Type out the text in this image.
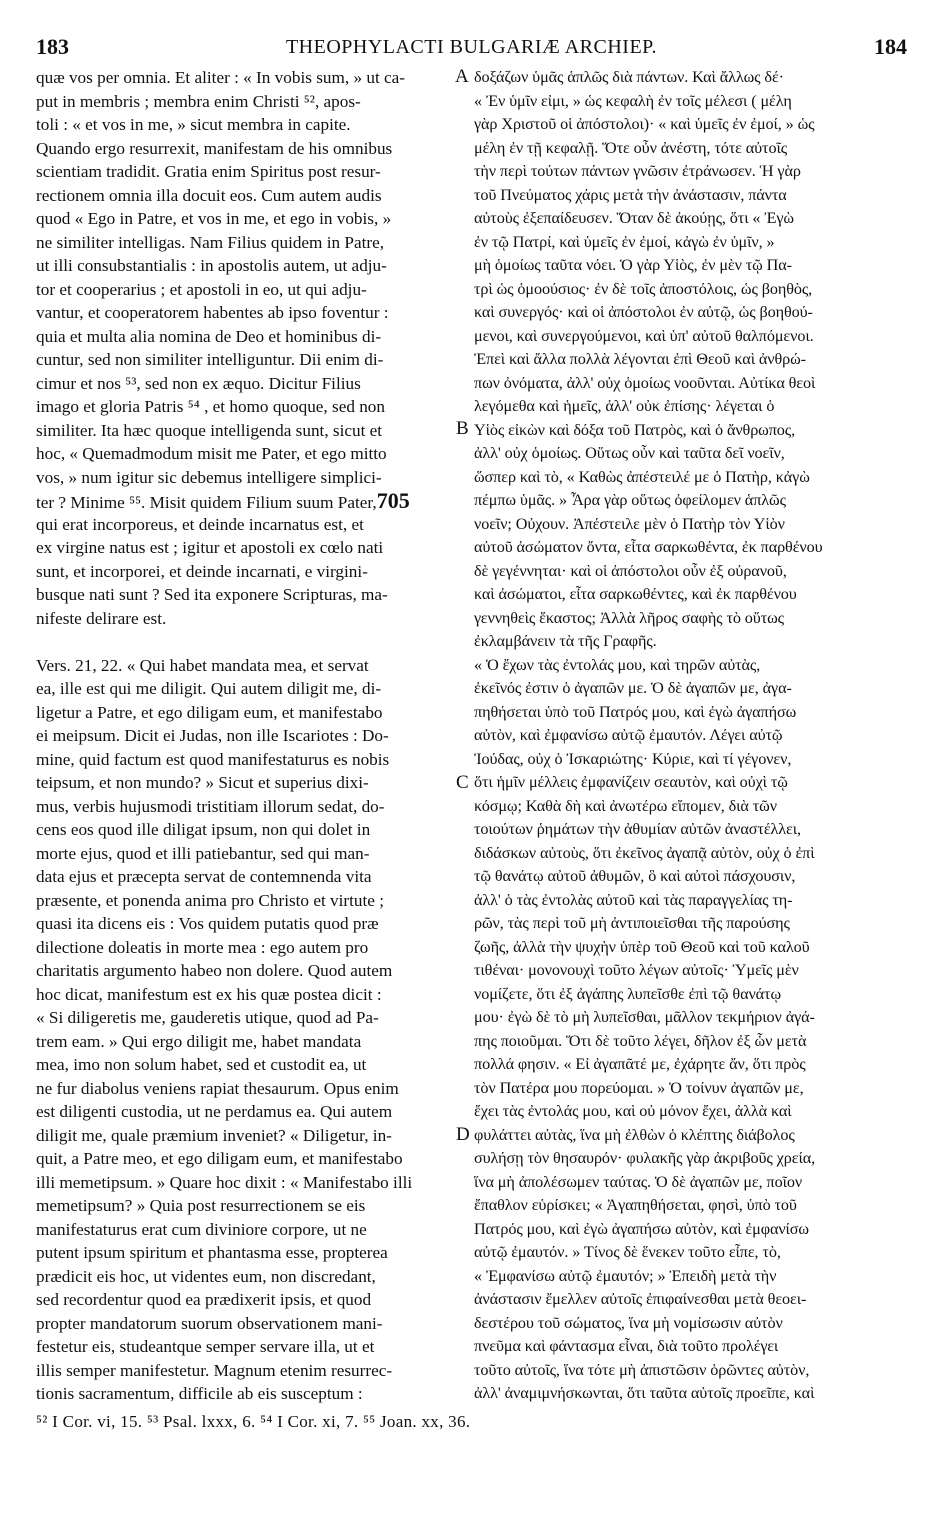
183	THEOPHYLACTI BULGARIÆ ARCHIEP.	184
A
B
C
D
quæ vos per omnia. Et aliter : « In vobis sum, » ut ca-
put in membris ; membra enim Christi ⁵², apos-
toli : « et vos in me, » sicut membra in capite.
Quando ergo resurrexit, manifestam de his omnibus
scientiam tradidit. Gratia enim Spiritus post resur-
rectionem omnia illa docuit eos. Cum autem audis
quod « Ego in Patre, et vos in me, et ego in vobis, »
ne similiter intelligas. Nam Filius quidem in Patre,
ut illi consubstantialis : in apostolis autem, ut adju-
tor et cooperarius ; et apostoli in eo, ut qui adju-
vantur, et cooperatorem habentes ab ipso foventur :
quia et multa alia nomina de Deo et hominibus di-
cuntur, sed non similiter intelliguntur. Dii enim di-
cimur et nos ⁵³, sed non ex æquo. Dicitur Filius
imago et gloria Patris ⁵⁴ , et homo quoque, sed non
similiter. Ita hæc quoque intelligenda sunt, sicut et
hoc, « Quemadmodum misit me Pater, et ego mitto
vos, » num igitur sic debemus intelligere simplici-
ter ? Minime ⁵⁵. Misit quidem Filium suum Pater,705
qui erat incorporeus, et deinde incarnatus est, et
ex virgine natus est ; igitur et apostoli ex cœlo nati
sunt, et incorporei, et deinde incarnati, e virgini-
busque nati sunt ? Sed ita exponere Scripturas, ma-
nifeste delirare est.
Vers. 21, 22. « Qui habet mandata mea, et servat
ea, ille est qui me diligit. Qui autem diligit me, di-
ligetur a Patre, et ego diligam eum, et manifestabo
ei meipsum. Dicit ei Judas, non ille Iscariotes : Do-
mine, quid factum est quod manifestaturus es nobis
teipsum, et non mundo? » Sicut et superius dixi-
mus, verbis hujusmodi tristitiam illorum sedat, do-
cens eos quod ille diligat ipsum, non qui dolet in
morte ejus, quod et illi patiebantur, sed qui man-
data ejus et præcepta servat de contemnenda vita
præsente, et ponenda anima pro Christo et virtute ;
quasi ita dicens eis : Vos quidem putatis quod præ
dilectione doleatis in morte mea : ego autem pro
charitatis argumento habeo non dolere. Quod autem
hoc dicat, manifestum est ex his quæ postea dicit :
« Si diligeretis me, gauderetis utique, quod ad Pa-
trem eam. » Qui ergo diligit me, habet mandata
mea, imo non solum habet, sed et custodit ea, ut
ne fur diabolus veniens rapiat thesaurum. Opus enim
est diligenti custodia, ut ne perdamus ea. Qui autem
diligit me, quale præmium inveniet? « Diligetur, in-
quit, a Patre meo, et ego diligam eum, et manifestabo
illi memetipsum. » Quare hoc dixit : « Manifestabo illi
memetipsum? » Quia post resurrectionem se eis
manifestaturus erat cum diviniore corpore, ut ne
putent ipsum spiritum et phantasma esse, propterea
prædicit eis hoc, ut videntes eum, non discredant,
sed recordentur quod ea prædixerit ipsis, et quod
propter mandatorum suorum observationem mani-
festetur eis, studeantque semper servare illa, ut et
illis semper manifestetur. Magnum etenim resurrec-
tionis sacramentum, difficile ab eis susceptum :
δοξάζων ὑμᾶς ἁπλῶς διὰ πάντων. Καὶ ἄλλως δέ·
« Ἐν ὑμῖν εἰμι, » ὡς κεφαλὴ ἐν τοῖς μέλεσι ( μέλη
γὰρ Χριστοῦ οἱ ἀπόστολοι)· « καὶ ὑμεῖς ἐν ἐμοί, » ὡς
μέλη ἐν τῇ κεφαλῇ. Ὅτε οὖν ἀνέστη, τότε αὐτοῖς
τὴν περὶ τούτων πάντων γνῶσιν ἐτράνωσεν. Ἡ γὰρ
τοῦ Πνεύματος χάρις μετὰ τὴν ἀνάστασιν, πάντα
αὐτοὺς ἐξεπαίδευσεν. Ὅταν δὲ ἀκούῃς, ὅτι « Ἐγὼ
ἐν τῷ Πατρί, καὶ ὑμεῖς ἐν ἐμοί, κἀγὼ ἐν ὑμῖν, »
μὴ ὁμοίως ταῦτα νόει. Ὁ γὰρ Υἱὸς, ἐν μὲν τῷ Πα-
τρὶ ὡς ὁμοούσιος· ἐν δὲ τοῖς ἀποστόλοις, ὡς βοηθὸς,
καὶ συνεργός· καὶ οἱ ἀπόστολοι ἐν αὐτῷ, ὡς βοηθού-
μενοι, καὶ συνεργούμενοι, καὶ ὑπ' αὐτοῦ θαλπόμενοι.
Ἐπεὶ καὶ ἄλλα πολλὰ λέγονται ἐπὶ Θεοῦ καὶ ἀνθρώ-
πων ὀνόματα, ἀλλ' οὐχ ὁμοίως νοοῦνται. Αὐτίκα θεοὶ
λεγόμεθα καὶ ἡμεῖς, ἀλλ' οὐκ ἐπίσης· λέγεται ὁ
Υἱὸς εἰκὼν καὶ δόξα τοῦ Πατρὸς, καὶ ὁ ἄνθρωπος,
ἀλλ' οὐχ ὁμοίως. Οὕτως οὖν καὶ ταῦτα δεῖ νοεῖν,
ὥσπερ καὶ τὸ, « Καθὼς ἀπέστειλέ με ὁ Πατὴρ, κἀγὼ
πέμπω ὑμᾶς. » Ἆρα γὰρ οὕτως ὀφείλομεν ἁπλῶς
νοεῖν; Οὐχουν. Ἀπέστειλε μὲν ὁ Πατὴρ τὸν Υἱὸν
αὐτοῦ ἀσώματον ὄντα, εἶτα σαρκωθέντα, ἐκ παρθένου
δὲ γεγέννηται· καὶ οἱ ἀπόστολοι οὖν ἐξ οὐρανοῦ,
καὶ ἀσώματοι, εἶτα σαρκωθέντες, καὶ ἐκ παρθένου
γεννηθεὶς ἕκαστος; Ἀλλὰ λῆρος σαφὴς τὸ οὕτως
ἐκλαμβάνειν τὰ τῆς Γραφῆς.
« Ὁ ἔχων τὰς ἐντολάς μου, καὶ τηρῶν αὐτὰς,
ἐκεῖνός ἐστιν ὁ ἀγαπῶν με. Ὁ δὲ ἀγαπῶν με, ἀγα-
πηθήσεται ὑπὸ τοῦ Πατρός μου, καὶ ἐγὼ ἀγαπήσω
αὐτὸν, καὶ ἐμφανίσω αὐτῷ ἐμαυτόν. Λέγει αὐτῷ
Ἰούδας, οὐχ ὁ Ἰσκαριώτης· Κύριε, καὶ τί γέγονεν,
ὅτι ἡμῖν μέλλεις ἐμφανίζειν σεαυτὸν, καὶ οὐχὶ τῷ
κόσμῳ; Καθὰ δὴ καὶ ἀνωτέρω εἴπομεν, διὰ τῶν
τοιούτων ῥημάτων τὴν ἀθυμίαν αὐτῶν ἀναστέλλει,
διδάσκων αὐτοὺς, ὅτι ἐκεῖνος ἀγαπᾷ αὐτὸν, οὐχ ὁ ἐπὶ
τῷ θανάτῳ αὐτοῦ ἀθυμῶν, ὃ καὶ αὐτοὶ πάσχουσιν,
ἀλλ' ὁ τὰς ἐντολὰς αὐτοῦ καὶ τὰς παραγγελίας τη-
ρῶν, τὰς περὶ τοῦ μὴ ἀντιποιεῖσθαι τῆς παρούσης
ζωῆς, ἀλλὰ τὴν ψυχὴν ὑπὲρ τοῦ Θεοῦ καὶ τοῦ καλοῦ
τιθέναι· μονονουχὶ τοῦτο λέγων αὐτοῖς· Ὑμεῖς μὲν
νομίζετε, ὅτι ἐξ ἀγάπης λυπεῖσθε ἐπὶ τῷ θανάτῳ
μου· ἐγὼ δὲ τὸ μὴ λυπεῖσθαι, μᾶλλον τεκμήριον ἀγά-
πης ποιοῦμαι. Ὅτι δὲ τοῦτο λέγει, δῆλον ἐξ ὧν μετὰ
πολλά φησιν. « Εἰ ἀγαπᾶτέ με, ἐχάρητε ἄν, ὅτι πρὸς
τὸν Πατέρα μου πορεύομαι. » Ὁ τοίνυν ἀγαπῶν με,
ἔχει τὰς ἐντολάς μου, καὶ οὐ μόνον ἔχει, ἀλλὰ καὶ
φυλάττει αὐτὰς, ἵνα μὴ ἐλθὼν ὁ κλέπτης διάβολος
συλήσῃ τὸν θησαυρόν· φυλακῆς γὰρ ἀκριβοῦς χρεία,
ἵνα μὴ ἀπολέσωμεν ταύτας. Ὁ δὲ ἀγαπῶν με, ποῖον
ἔπαθλον εὑρίσκει; « Ἀγαπηθήσεται, φησὶ, ὑπὸ τοῦ
Πατρός μου, καὶ ἐγὼ ἀγαπήσω αὐτὸν, καὶ ἐμφανίσω
αὐτῷ ἐμαυτόν. » Τίνος δὲ ἕνεκεν τοῦτο εἶπε, τὸ,
« Ἐμφανίσω αὐτῷ ἐμαυτόν; » Ἐπειδὴ μετὰ τὴν
ἀνάστασιν ἔμελλεν αὐτοῖς ἐπιφαίνεσθαι μετὰ θεοει-
δεστέρου τοῦ σώματος, ἵνα μὴ νομίσωσιν αὐτὸν
πνεῦμα καὶ φάντασμα εἶναι, διὰ τοῦτο προλέγει
τοῦτο αὐτοῖς, ἵνα τότε μὴ ἀπιστῶσιν ὁρῶντες αὐτὸν,
ἀλλ' ἀναμιμνήσκωνται, ὅτι ταῦτα αὐτοῖς προεῖπε, καὶ
⁵² I Cor. vi, 15. ⁵³ Psal. lxxx, 6. ⁵⁴ I Cor. xi, 7. ⁵⁵ Joan. xx, 36.
